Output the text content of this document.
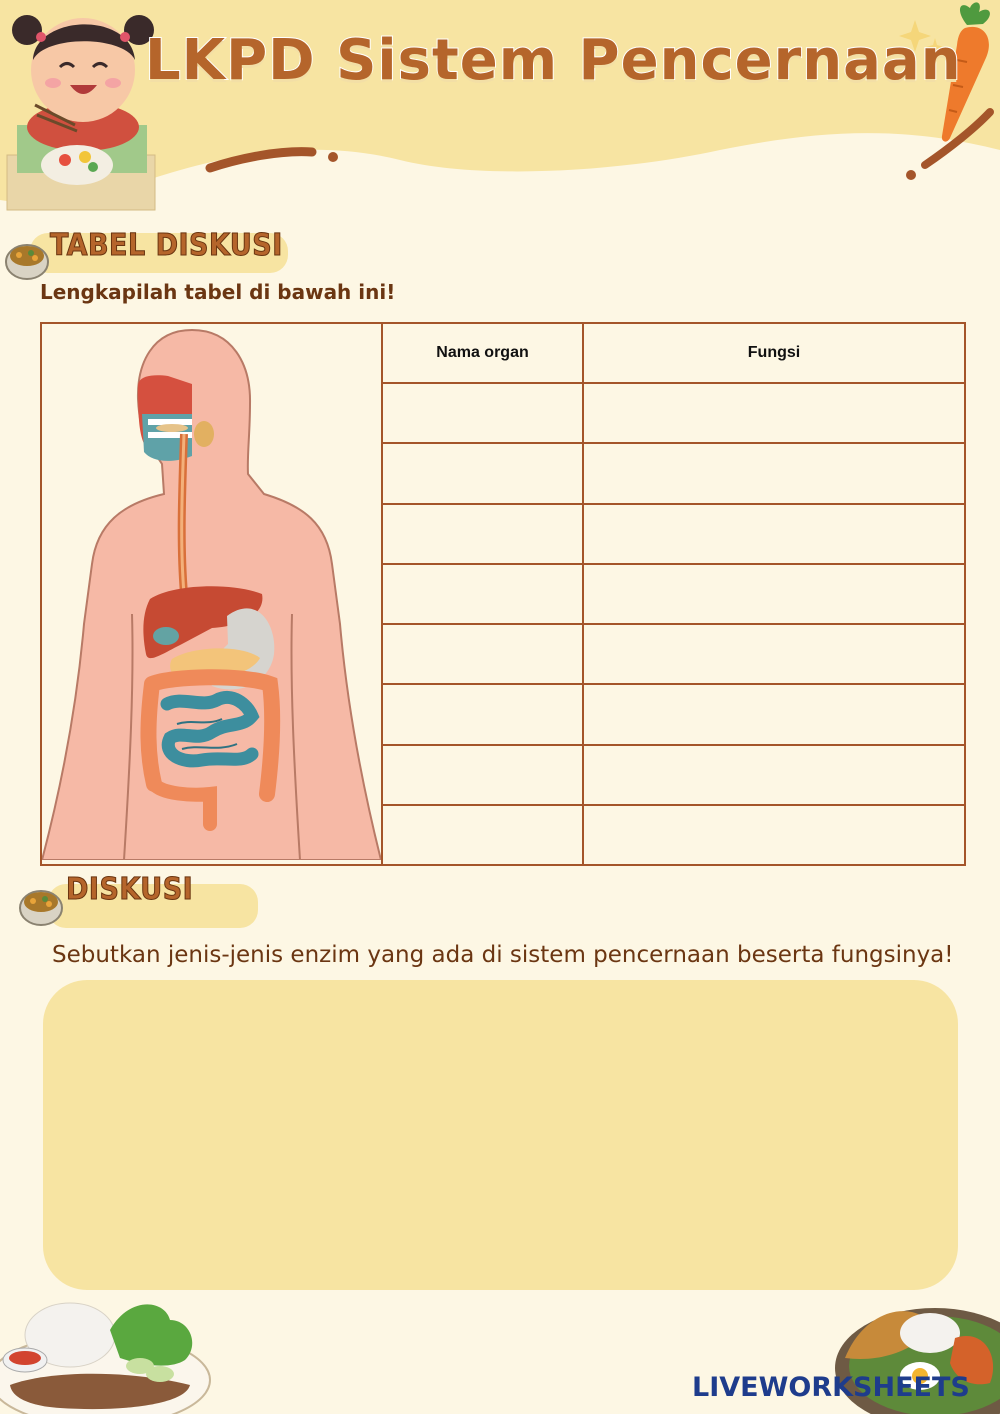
LKPD Sistem Pencernaan
TABEL DISKUSI
Lengkapilah tabel di bawah ini!
	Nama organ	Fungsi

DISKUSI
Sebutkan jenis-jenis enzim yang ada di sistem pencernaan beserta fungsinya!
LIVEWORKSHEETS
